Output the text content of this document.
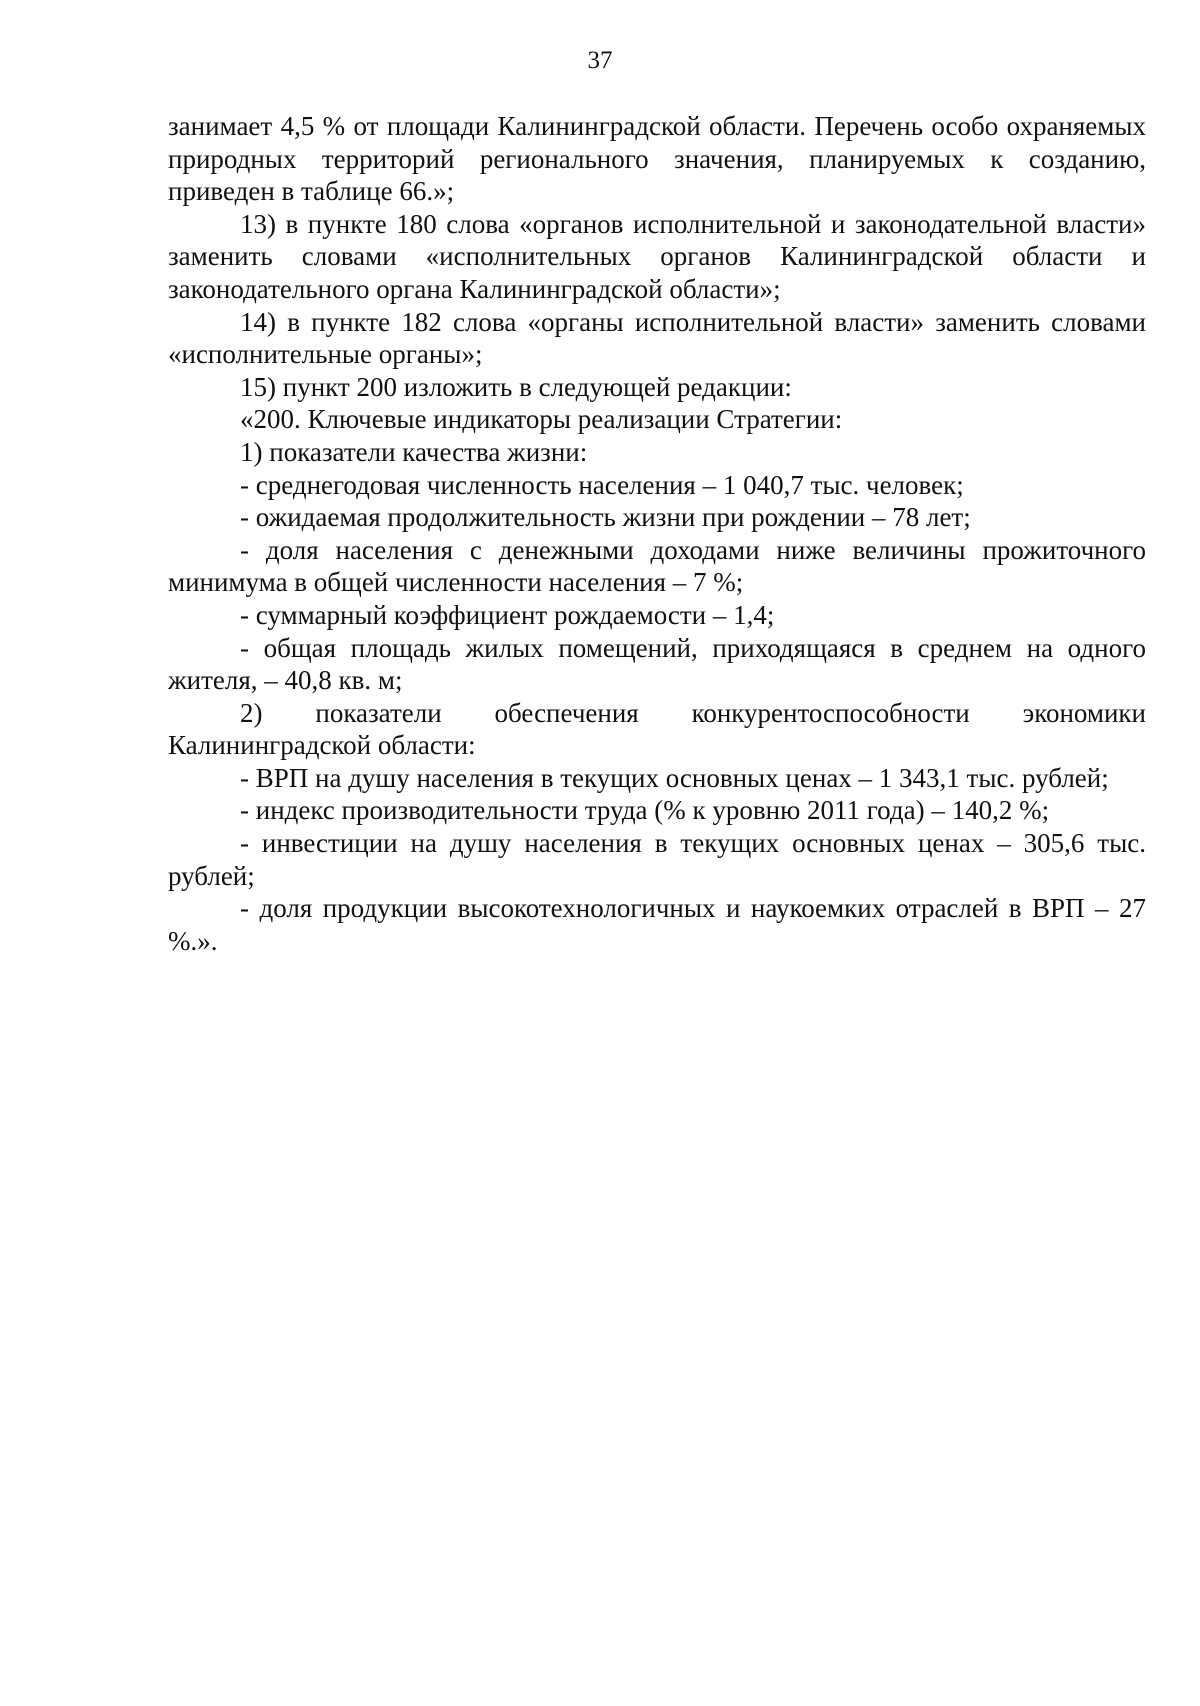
37

занимает 4,5 % от площади Калининградской области. Перечень особо охраняемых природных территорий регионального значения, планируемых к созданию, приведен в таблице 66.»;

13) в пункте 180 слова «органов исполнительной и законодательной власти» заменить словами «исполнительных органов Калининградской области и законодательного органа Калининградской области»;

14) в пункте 182 слова «органы исполнительной власти» заменить словами «исполнительные органы»;

15) пункт 200 изложить в следующей редакции:

«200. Ключевые индикаторы реализации Стратегии:

1) показатели качества жизни:

- среднегодовая численность населения – 1 040,7 тыс. человек;

- ожидаемая продолжительность жизни при рождении – 78 лет;

- доля населения с денежными доходами ниже величины прожиточного минимума в общей численности населения – 7 %;

- суммарный коэффициент рождаемости – 1,4;

- общая площадь жилых помещений, приходящаяся в среднем на одного жителя, – 40,8 кв. м;

2) показатели обеспечения конкурентоспособности экономики Калининградской области:

- ВРП на душу населения в текущих основных ценах – 1 343,1 тыс. рублей;

- индекс производительности труда (% к уровню 2011 года) – 140,2 %;

- инвестиции на душу населения в текущих основных ценах – 305,6 тыс. рублей;

- доля продукции высокотехнологичных и наукоемких отраслей в ВРП – 27 %.».
